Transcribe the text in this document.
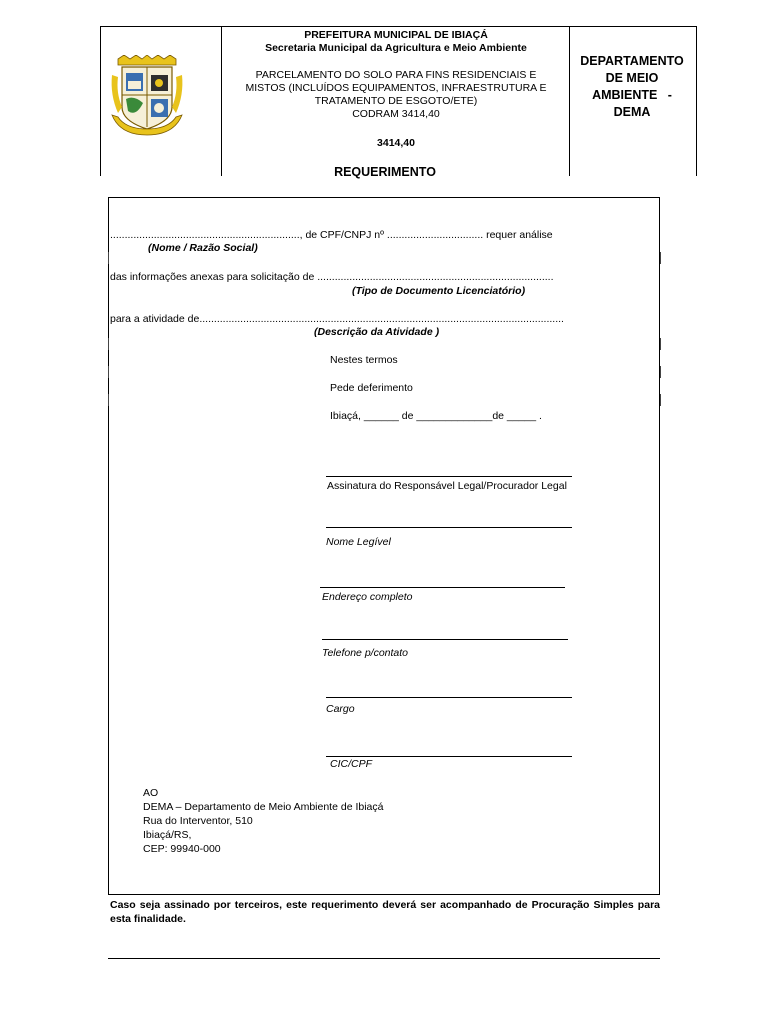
PREFEITURA MUNICIPAL DE IBIAÇÁ
Secretaria Municipal da Agricultura e Meio Ambiente
PARCELAMENTO DO SOLO PARA FINS RESIDENCIAIS E
MISTOS (INCLUÍDOS EQUIPAMENTOS, INFRAESTRUTURA E
TRATAMENTO DE ESGOTO/ETE)
CODRAM 3414,40
3414,40
DEPARTAMENTO
DE MEIO
AMBIENTE   -
DEMA
REQUERIMENTO
................................................................., de CPF/CNPJ nº ................................. requer análise
(Nome / Razão Social)
das informações anexas para solicitação de .................................................................................
(Tipo de Documento Licenciatório)
para a atividade de.............................................................................................................................
(Descrição da Atividade )
Nestes termos
Pede deferimento
Ibiaçá, ______ de _____________de _____ .
Assinatura do Responsável Legal/Procurador Legal
Nome Legível
Endereço completo
Telefone p/contato
Cargo
CIC/CPF
AO
DEMA – Departamento de Meio Ambiente de Ibiaçá
Rua do Interventor, 510
Ibiaçá/RS,
CEP: 99940-000
Caso seja assinado por terceiros, este requerimento deverá ser acompanhado de Procuração Simples para esta finalidade.
